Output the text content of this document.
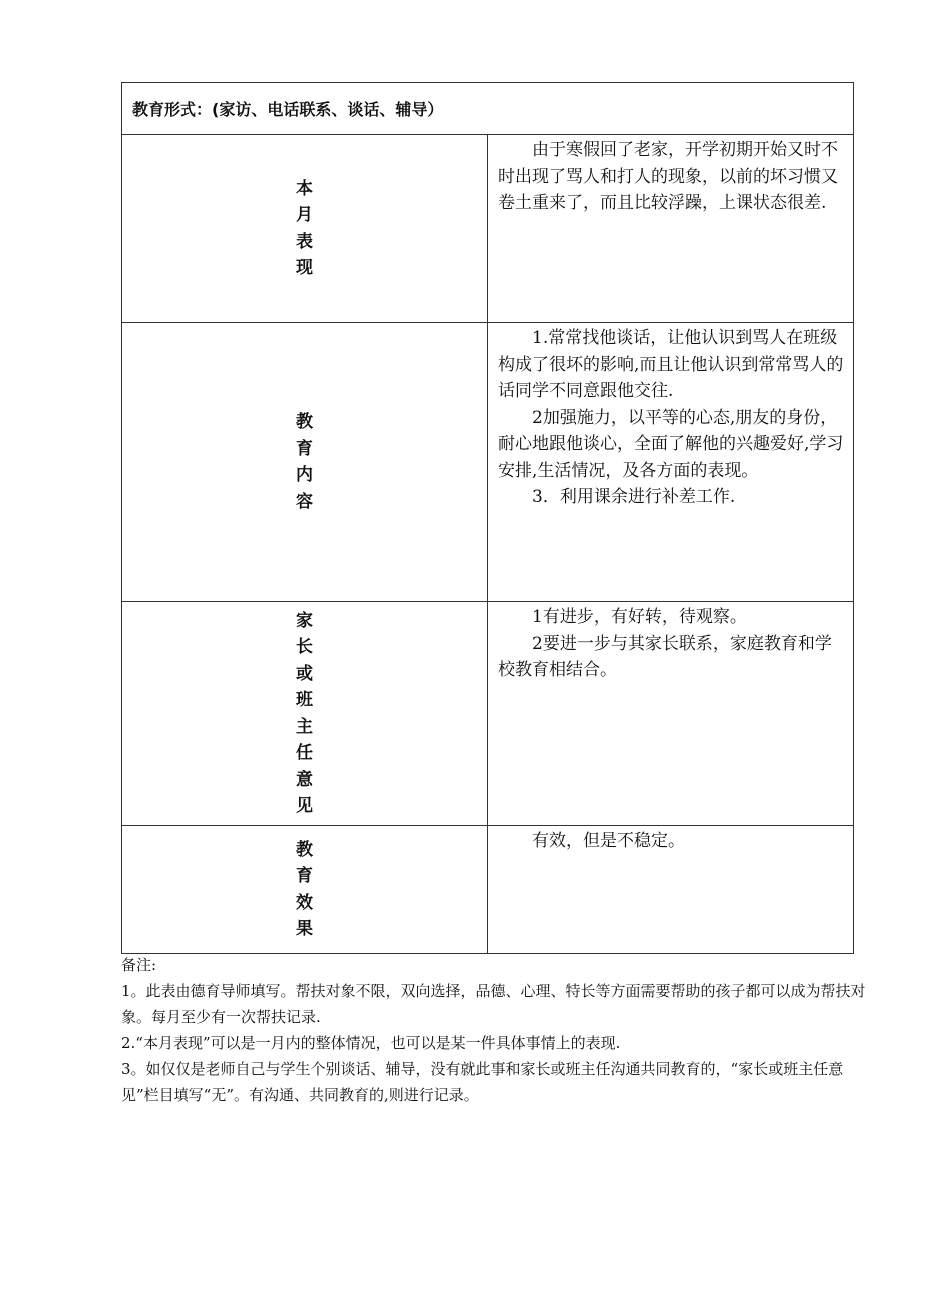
教育形式：(家访、电话联系、谈话、辅导）	
本月表现	由于寒假回了老家，开学初期开始又时不时出现了骂人和打人的现象，以前的坏习惯又卷土重来了，而且比较浮躁，上课状态很差.

教育内容	1.常常找他谈话，让他认识到骂人在班级构成了很坏的影响,而且让他认识到常常骂人的话同学不同意跟他交往.

2加强施力，以平等的心态,朋友的身份，耐心地跟他谈心，全面了解他的兴趣爱好,学习安排,生活情况，及各方面的表现。

3．利用课余进行补差工作.

家长或班主任意见	1有进步，有好转，待观察。

2要进一步与其家长联系，家庭教育和学校教育相结合。

教育效果	有效，但是不稳定。

备注:

1。此表由德育导师填写。帮扶对象不限，双向选择，品德、心理、特长等方面需要帮助的孩子都可以成为帮扶对象。每月至少有一次帮扶记录.

2.“本月表现”可以是一月内的整体情况，也可以是某一件具体事情上的表现.

3。如仅仅是老师自己与学生个别谈话、辅导，没有就此事和家长或班主任沟通共同教育的，“家长或班主任意见”栏目填写“无”。有沟通、共同教育的,则进行记录。
